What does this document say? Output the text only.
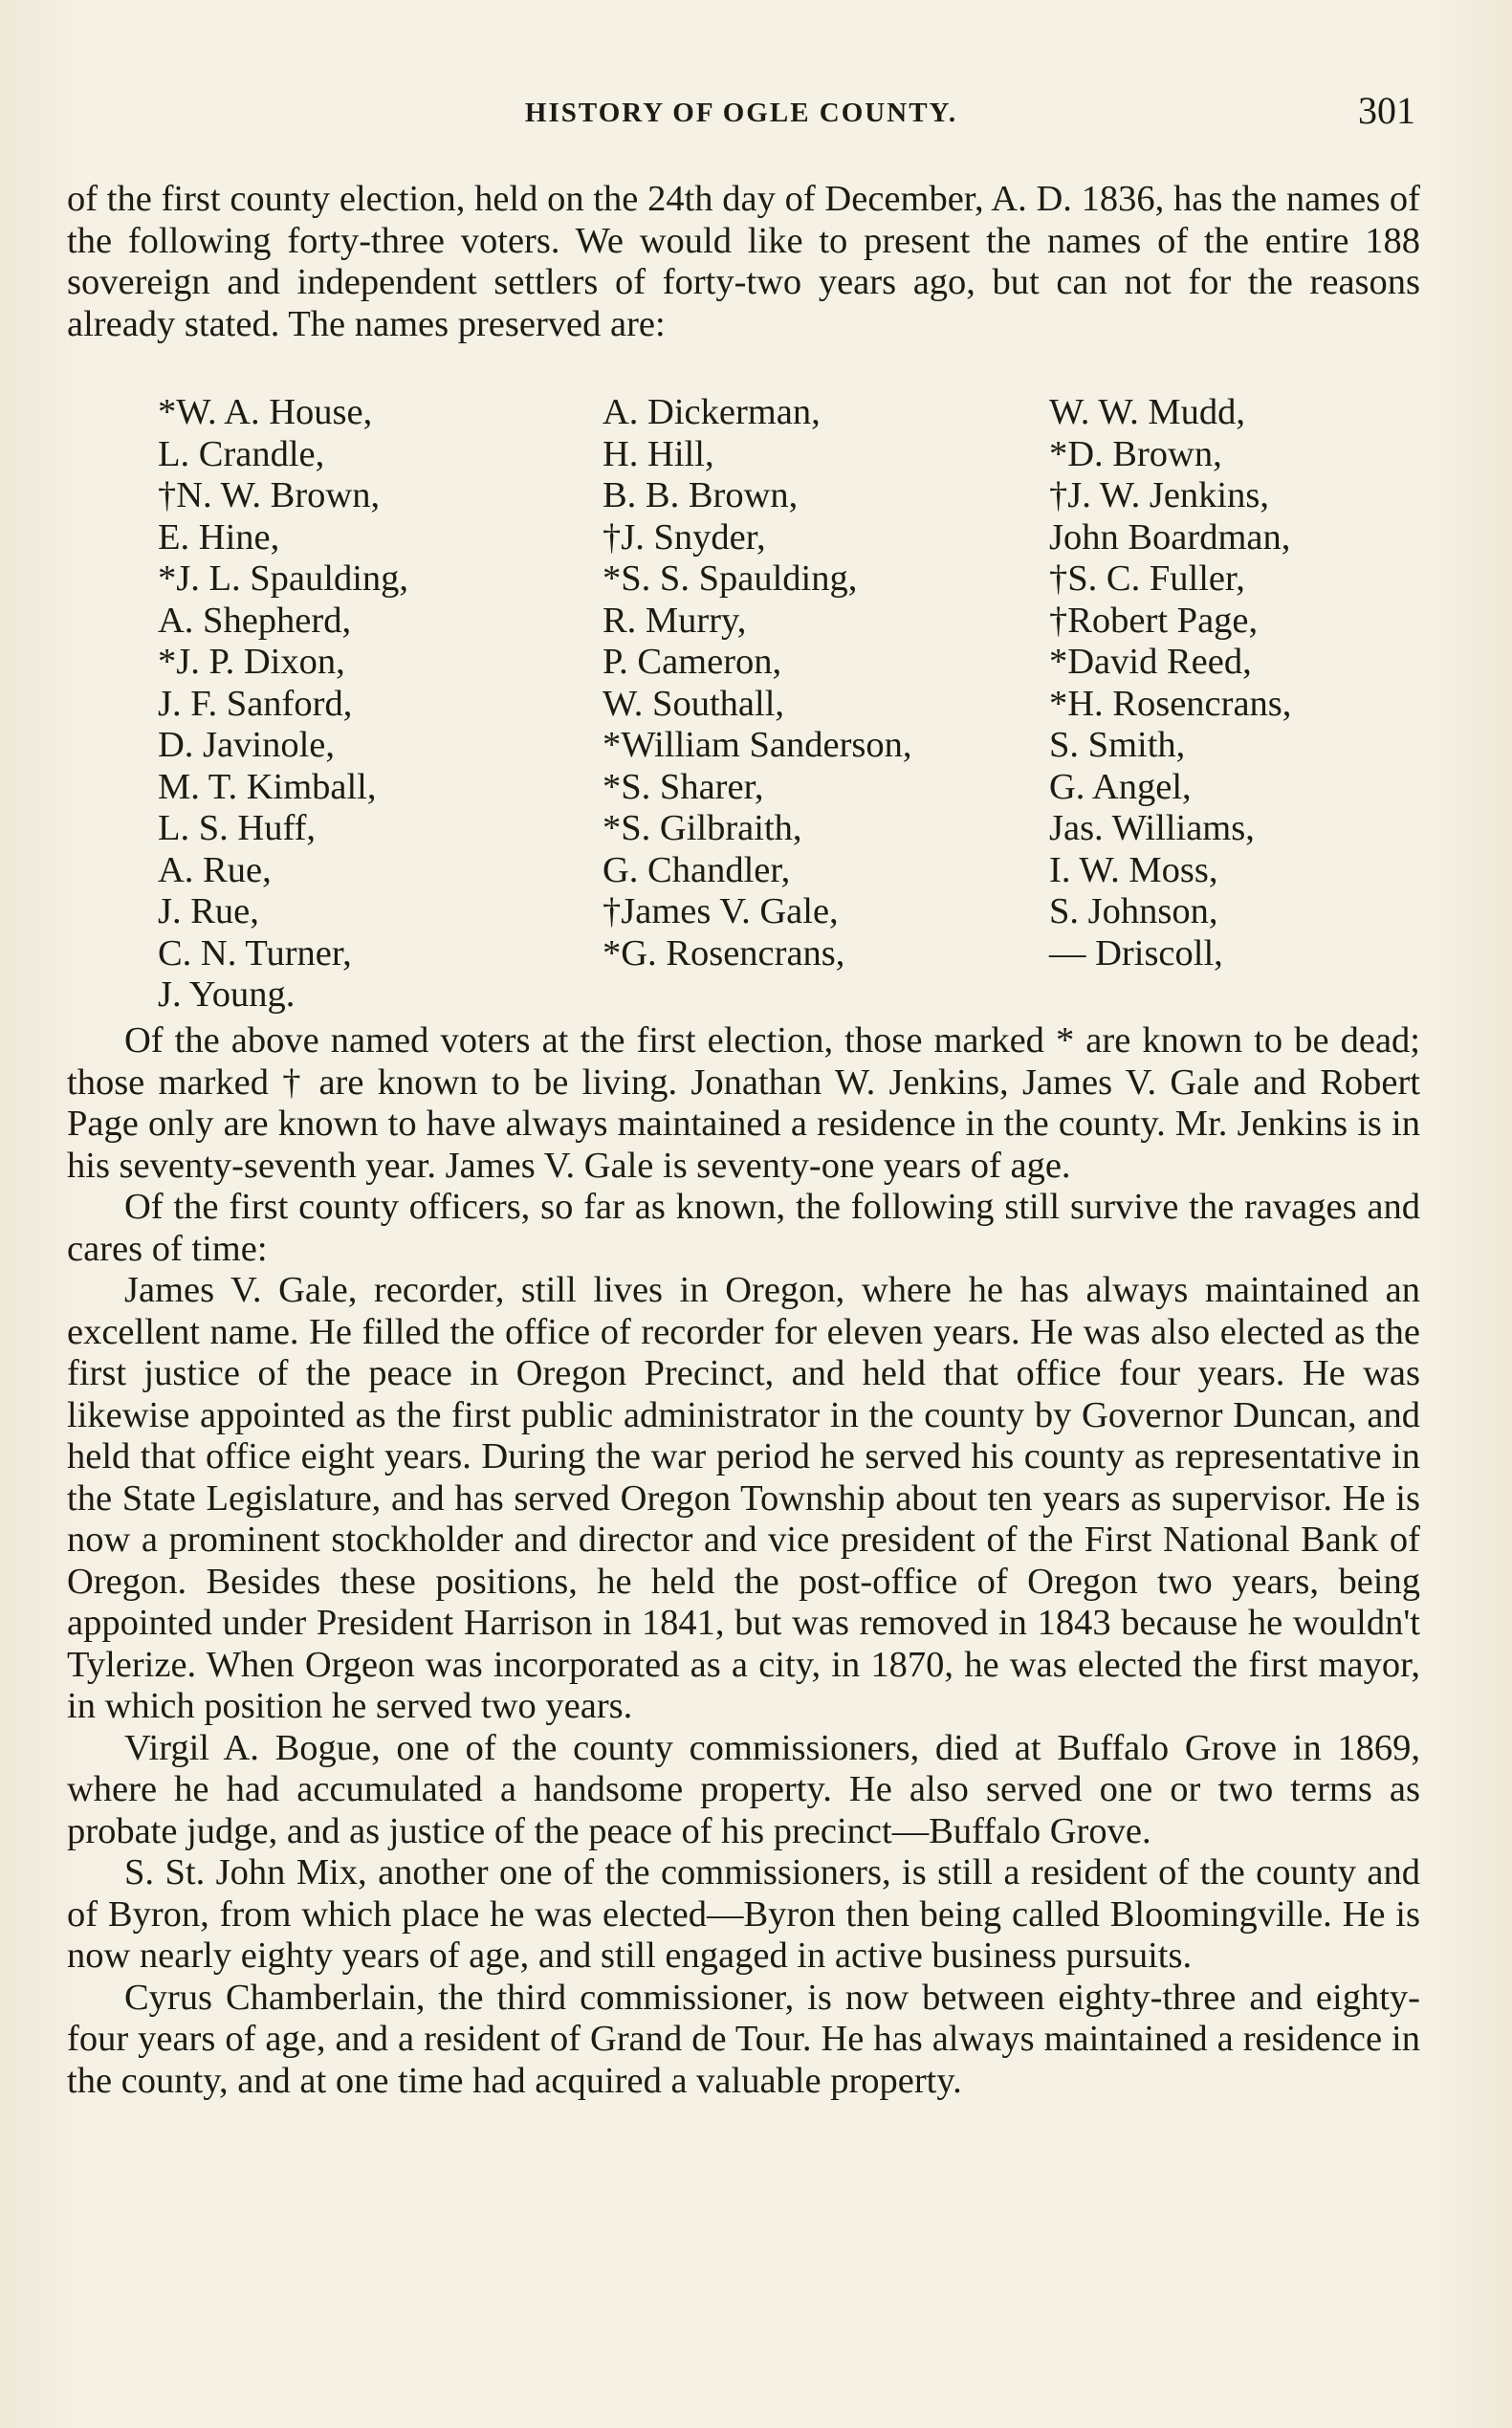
HISTORY OF OGLE COUNTY.	301

of the first county election, held on the 24th day of December, A. D. 1836, has the names of the following forty-three voters. We would like to present the names of the entire 188 sovereign and independent settlers of forty-two years ago, but can not for the reasons already stated. The names preserved are:

*W. A. House,
L. Crandle,
†N. W. Brown,
E. Hine,
*J. L. Spaulding,
A. Shepherd,
*J. P. Dixon,
J. F. Sanford,
D. Javinole,
M. T. Kimball,
L. S. Huff,
A. Rue,
J. Rue,
C. N. Turner,
J. Young.
A. Dickerman,
H. Hill,
B. B. Brown,
†J. Snyder,
*S. S. Spaulding,
R. Murry,
P. Cameron,
W. Southall,
*William Sanderson,
*S. Sharer,
*S. Gilbraith,
G. Chandler,
†James V. Gale,
*G. Rosencrans,
W. W. Mudd,
*D. Brown,
†J. W. Jenkins,
John Boardman,
†S. C. Fuller,
†Robert Page,
*David Reed,
*H. Rosencrans,
S. Smith,
G. Angel,
Jas. Williams,
I. W. Moss,
S. Johnson,
— Driscoll,

Of the above named voters at the first election, those marked * are known to be dead; those marked † are known to be living. Jonathan W. Jenkins, James V. Gale and Robert Page only are known to have always maintained a residence in the county. Mr. Jenkins is in his seventy-seventh year. James V. Gale is seventy-one years of age.

Of the first county officers, so far as known, the following still survive the ravages and cares of time:

James V. Gale, recorder, still lives in Oregon, where he has always maintained an excellent name. He filled the office of recorder for eleven years. He was also elected as the first justice of the peace in Oregon Precinct, and held that office four years. He was likewise appointed as the first public administrator in the county by Governor Duncan, and held that office eight years. During the war period he served his county as representative in the State Legislature, and has served Oregon Township about ten years as supervisor. He is now a prominent stockholder and director and vice president of the First National Bank of Oregon. Besides these positions, he held the post-office of Oregon two years, being appointed under President Harrison in 1841, but was removed in 1843 because he wouldn't Tylerize. When Orgeon was incorporated as a city, in 1870, he was elected the first mayor, in which position he served two years.

Virgil A. Bogue, one of the county commissioners, died at Buffalo Grove in 1869, where he had accumulated a handsome property. He also served one or two terms as probate judge, and as justice of the peace of his precinct—Buffalo Grove.

S. St. John Mix, another one of the commissioners, is still a resident of the county and of Byron, from which place he was elected—Byron then being called Bloomingville. He is now nearly eighty years of age, and still engaged in active business pursuits.

Cyrus Chamberlain, the third commissioner, is now between eighty-three and eighty-four years of age, and a resident of Grand de Tour. He has always maintained a residence in the county, and at one time had acquired a valuable property.
